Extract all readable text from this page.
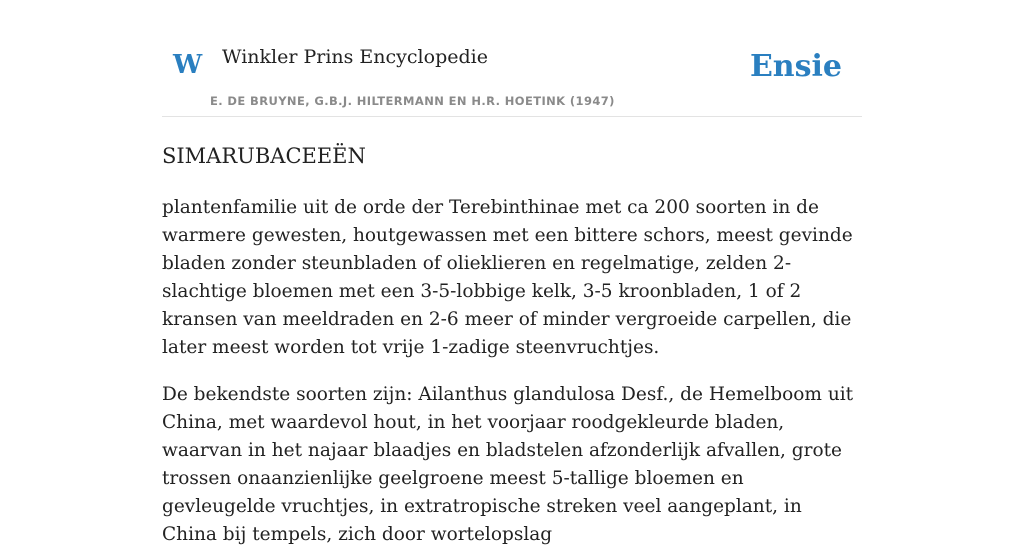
W Winkler Prins Encyclopedie
E. DE BRUYNE, G.B.J. HILTERMANN EN H.R. HOETINK (1947)
Ensie
SIMARUBACEEËN

plantenfamilie uit de orde der Terebinthinae met ca 200 soorten in de warmere gewesten, houtgewassen met een bittere schors, meest gevinde bladen zonder steunbladen of olieklieren en regelmatige, zelden 2-slachtige bloemen met een 3-5-lobbige kelk, 3-5 kroonbladen, 1 of 2 kransen van meeldraden en 2-6 meer of minder vergroeide carpellen, die later meest worden tot vrije 1-zadige steenvruchtjes.

De bekendste soorten zijn: Ailanthus glandulosa Desf., de Hemelboom uit China, met waardevol hout, in het voorjaar roodgekleurde bladen, waarvan in het najaar blaadjes en bladstelen afzonderlijk afvallen, grote trossen onaanzienlijke geelgroene meest 5-tallige bloemen en gevleugelde vruchtjes, in extratropische streken veel aangeplant, in China bij tempels, zich door wortelopslag
